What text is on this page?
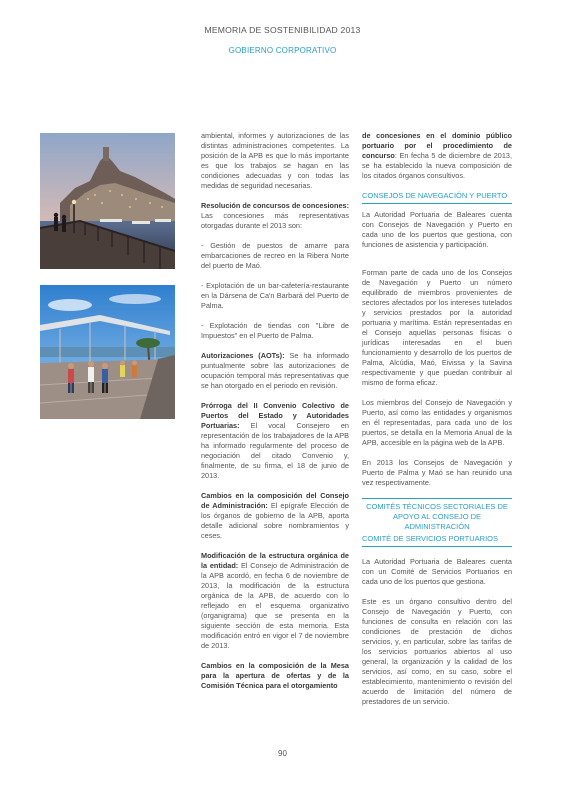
MEMORIA DE SOSTENIBILIDAD 2013
GOBIERNO CORPORATIVO

ambiental, informes y autorizaciones de las distintas administraciones competentes. La posición de la APB es que lo más importante es que los trabajos se hagan en las condiciones adecuadas y con todas las medidas de seguridad necesarias.

Resolución de concursos de concesiones: Las concesiones más representativas otorgadas durante el 2013 son:

- Gestión de puestos de amarre para embarcaciones de recreo en la Ribera Norte del puerto de Maó.

- Explotación de un bar-cafetería-restaurante en la Dársena de Ca'n Barbará del Puerto de Palma.

- Explotación de tiendas con "Libre de Impuestos" en el Puerto de Palma.

Autorizaciones (AOTs): Se ha informado puntualmente sobre las autorizaciones de ocupación temporal más representativas que se han otorgado en el periodo en revisión.

Prórroga del II Convenio Colectivo de Puertos del Estado y Autoridades Portuarias: El vocal Consejero en representación de los trabajadores de la APB ha informado regularmente del proceso de negociación del citado Convenio y, finalmente, de su firma, el 18 de junio de 2013.

Cambios en la composición del Consejo de Administración: El epígrafe Elección de los órganos de gobierno de la APB, aporta detalle adicional sobre nombramientos y ceses.

Modificación de la estructura orgánica de la entidad: El Consejo de Administración de la APB acordó, en fecha 6 de noviembre de 2013, la modificación de la estructura orgánica de la APB, de acuerdo con lo reflejado en el esquema organizativo (organigrama) que se presenta en la siguiente sección de esta memoria. Esta modificación entró en vigor el 7 de noviembre de 2013.

Cambios en la composición de la Mesa para la apertura de ofertas y de la Comisión Técnica para el otorgamiento

de concesiones en el dominio público portuario por el procedimiento de concurso: En fecha 5 de diciembre de 2013, se ha establecido la nueva composición de los citados órganos consultivos.

CONSEJOS DE NAVEGACIÓN Y PUERTO

La Autoridad Portuaria de Baleares cuenta con Consejos de Navegación y Puerto en cada uno de los puertos que gestiona, con funciones de asistencia y participación.

Forman parte de cada uno de los Consejos de Navegación y Puerto un número equilibrado de miembros provenientes de sectores afectados por los intereses tutelados y servicios prestados por la autoridad portuaria y marítima. Están representadas en el Consejo aquellas personas físicas o jurídicas interesadas en el buen funcionamiento y desarrollo de los puertos de Palma, Alcúdia, Maó, Eivissa y la Savina respectivamente y que puedan contribuir al mismo de forma eficaz.

Los miembros del Consejo de Navegación y Puerto, así como las entidades y organismos en él representadas, para cada uno de los puertos, se detalla en la Memoria Anual de la APB, accesible en la página web de la APB.

En 2013 los Consejos de Navegación y Puerto de Palma y Maó se han reunido una vez respectivamente.

COMITÉS TÉCNICOS SECTORIALES DE APOYO AL CONSEJO DE ADMINISTRACIÓN
COMITÉ DE SERVICIOS PORTUARIOS

La Autoridad Portuaria de Baleares cuenta con un Comité de Servicios Portuarios en cada uno de los puertos que gestiona.

Este es un órgano consultivo dentro del Consejo de Navegación y Puerto, con funciones de consulta en relación con las condiciones de prestación de dichos servicios, y, en particular, sobre las tarifas de los servicios portuarios abiertos al uso general, la organización y la calidad de los servicios, así como, en su caso, sobre el establecimiento, mantenimiento o revisión del acuerdo de limitación del número de prestadores de un servicio.

90
